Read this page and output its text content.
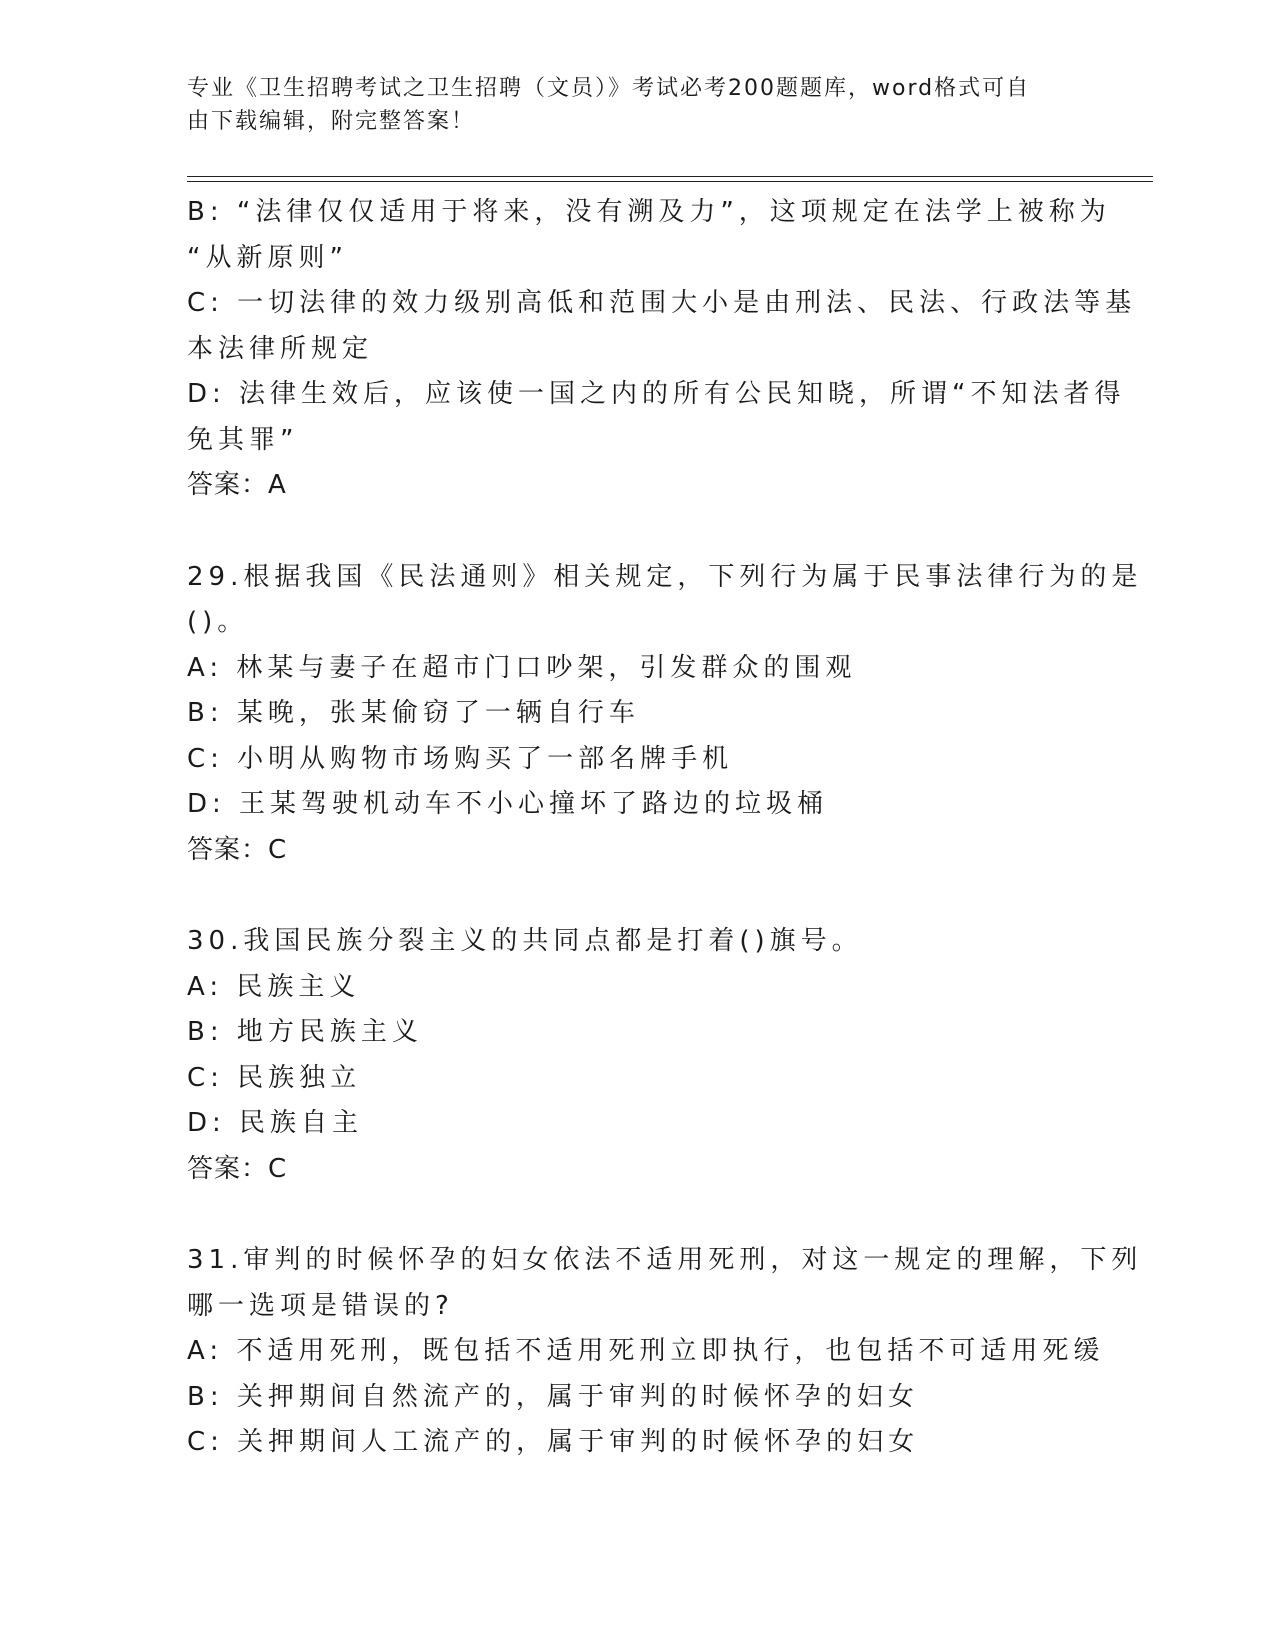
专业《卫生招聘考试之卫生招聘（文员）》考试必考200题题库，word格式可自
由下载编辑，附完整答案！
B: “法律仅仅适用于将来，没有溯及力”，这项规定在法学上被称为
“从新原则”
C: 一切法律的效力级别高低和范围大小是由刑法、民法、行政法等基
本法律所规定
D: 法律生效后，应该使一国之内的所有公民知晓，所谓“不知法者得
免其罪”
答案：A
29.根据我国《民法通则》相关规定，下列行为属于民事法律行为的是
()。
A: 林某与妻子在超市门口吵架，引发群众的围观
B: 某晚，张某偷窃了一辆自行车
C: 小明从购物市场购买了一部名牌手机
D: 王某驾驶机动车不小心撞坏了路边的垃圾桶
答案：C
30.我国民族分裂主义的共同点都是打着()旗号。
A: 民族主义
B: 地方民族主义
C: 民族独立
D: 民族自主
答案：C
31.审判的时候怀孕的妇女依法不适用死刑，对这一规定的理解，下列
哪一选项是错误的?
A: 不适用死刑，既包括不适用死刑立即执行，也包括不可适用死缓
B: 关押期间自然流产的，属于审判的时候怀孕的妇女
C: 关押期间人工流产的，属于审判的时候怀孕的妇女
